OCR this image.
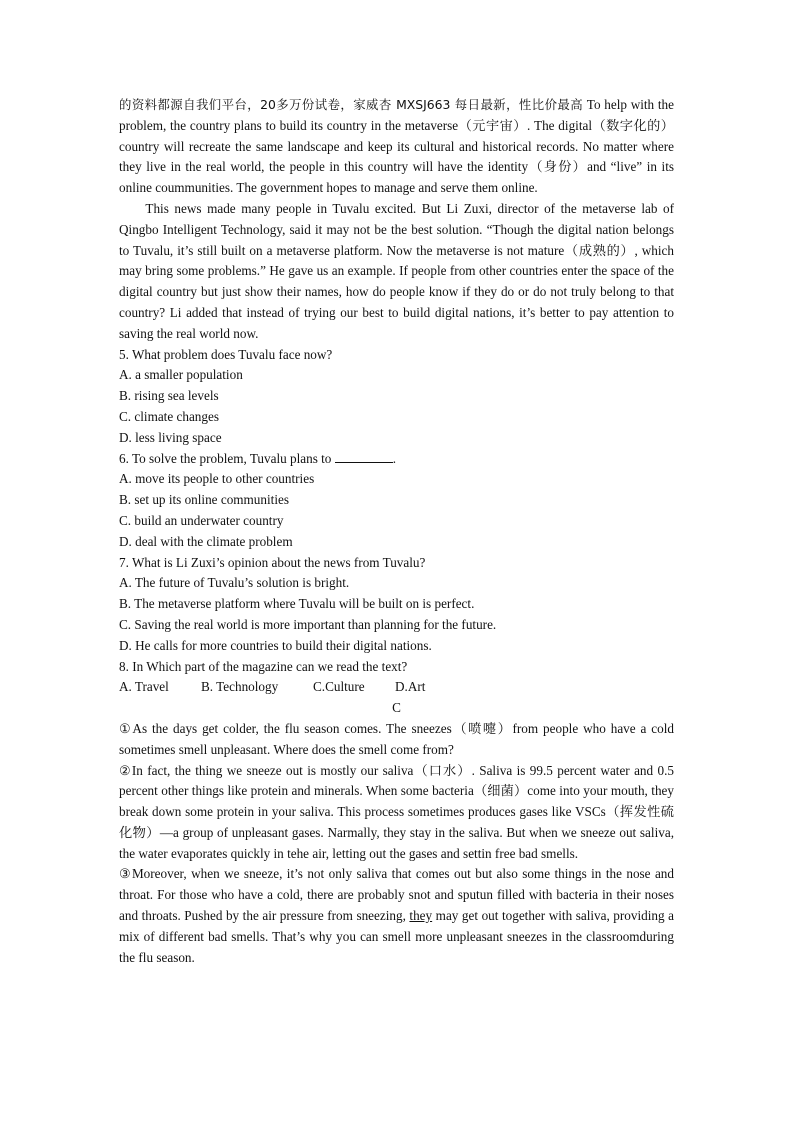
的资料都源自我们平台，20多万份试卷，家威杏 MXSJ663 每日最新，性比价最高 To help with the problem, the country plans to build its country in the metaverse（元宇宙）. The digital（数字化的）country will recreate the same landscape and keep its cultural and historical records. No matter where they live in the real world, the people in this country will have the identity（身份）and “live” in its online coummunities. The government hopes to manage and serve them online.

This news made many people in Tuvalu excited. But Li Zuxi, director of the metaverse lab of Qingbo Intelligent Technology, said it may not be the best solution. “Though the digital nation belongs to Tuvalu, it’s still built on a metaverse platform. Now the metaverse is not mature（成熟的）, which may bring some problems.” He gave us an example. If people from other countries enter the space of the digital country but just show their names, how do people know if they do or do not truly belong to that country? Li added that instead of trying our best to build digital nations, it’s better to pay attention to saving the real world now.

5. What problem does Tuvalu face now?

A. a smaller population

B. rising sea levels

C. climate changes

D. less living space

6. To solve the problem, Tuvalu plans to	.

A. move its people to other countries

B. set up its online communities

C. build an underwater country

D. deal with the climate problem

7. What is Li Zuxi’s opinion about the news from Tuvalu?

A. The future of Tuvalu’s solution is bright.

B. The metaverse platform where Tuvalu will be built on is perfect.

C. Saving the real world is more important than planning for the future.

D. He calls for more countries to build their digital nations.

8. In Which part of the magazine can we read the text?

A. Travel	B. Technology	C.Culture	D.Art

C

①As the days get colder, the flu season comes. The sneezes（喷嚏）from people who have a cold sometimes smell unpleasant. Where does the smell come from?

②In fact, the thing we sneeze out is mostly our saliva（口水）. Saliva is 99.5 percent water and 0.5 percent other things like protein and minerals. When some bacteria（细菌）come into your mouth, they break down some protein in your saliva. This process sometimes produces gases like VSCs（挥发性硫化物）—a group of unpleasant gases. Narmally, they stay in the saliva. But when we sneeze out saliva, the water evaporates quickly in tehe air, letting out the gases and settin free bad smells.

③Moreover, when we sneeze, it’s not only saliva that comes out but also some things in the nose and throat. For those who have a cold, there are probably snot and sputun filled with bacteria in their noses and throats. Pushed by the air pressure from sneezing, they may get out together with saliva, providing a mix of different bad smells. That’s why you can smell more unpleasant sneezes in the classroomduring the flu season.
